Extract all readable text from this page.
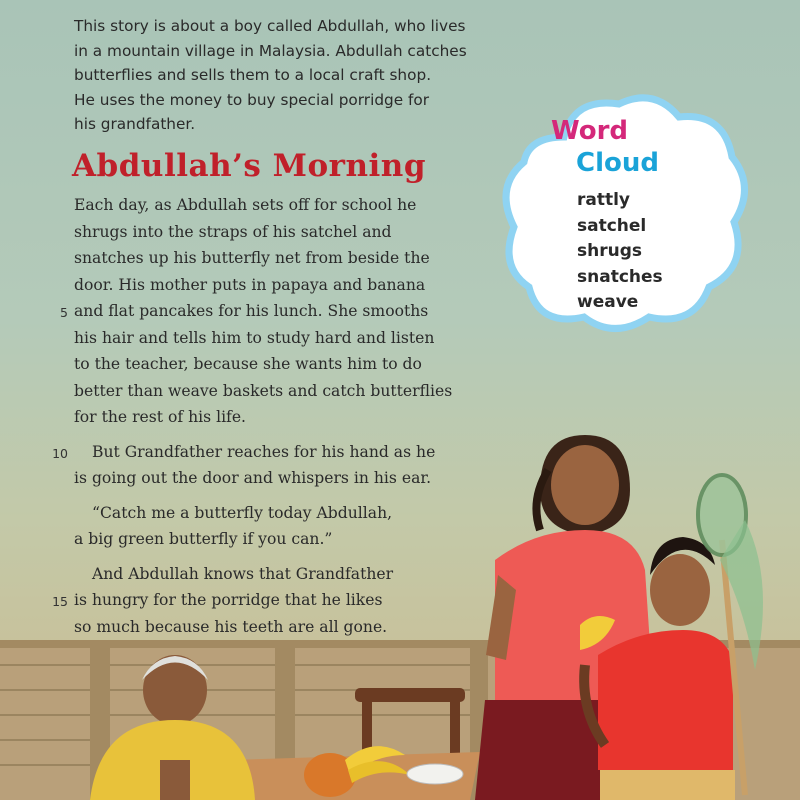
This story is about a boy called Abdullah, who lives
in a mountain village in Malaysia. Abdullah catches
butterflies and sells them to a local craft shop.
He uses the money to buy special porridge for
his grandfather.
Abdullah’s Morning
Each day, as Abdullah sets off for school he
shrugs into the straps of his satchel and
snatches up his butterfly net from beside the
door. His mother puts in papaya and banana
5 and flat pancakes for his lunch. She smooths
his hair and tells him to study hard and listen
to the teacher, because she wants him to do
better than weave baskets and catch butterflies
for the rest of his life.
10 But Grandfather reaches for his hand as he
is going out the door and whispers in his ear.
“Catch me a butterfly today Abdullah,
a big green butterfly if you can.”
And Abdullah knows that Grandfather
15 is hungry for the porridge that he likes
so much because his teeth are all gone.
Word
Cloud
rattly
satchel
shrugs
snatches
weave
